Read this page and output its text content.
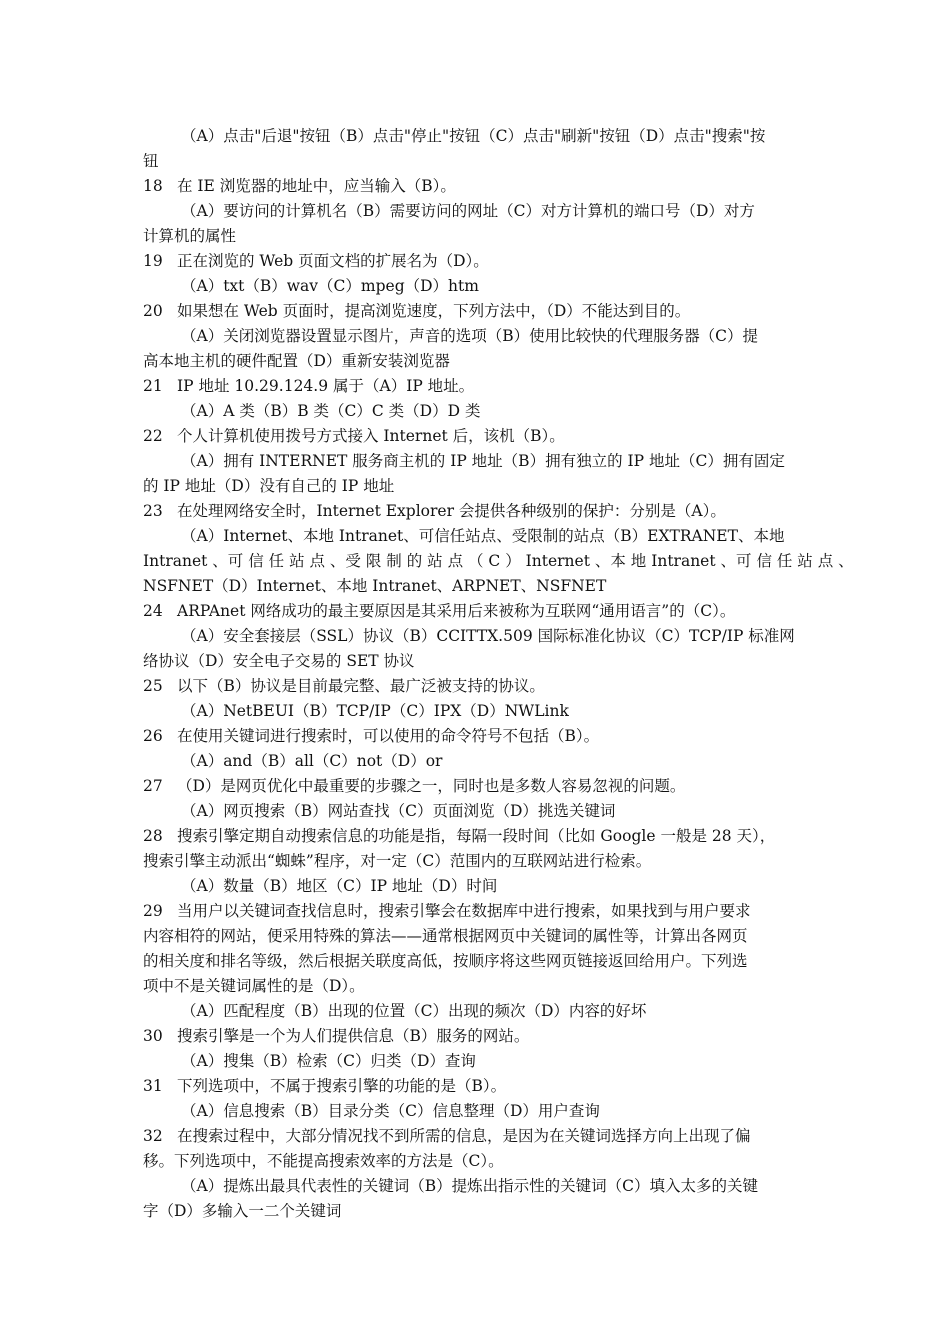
（A）点击"后退"按钮（B）点击"停止"按钮（C）点击"刷新"按钮（D）点击"搜索"按
钮
18 在 IE 浏览器的地址中，应当输入（B）。
（A）要访问的计算机名（B）需要访问的网址（C）对方计算机的端口号（D）对方
计算机的属性
19 正在浏览的 Web 页面文档的扩展名为（D）。
（A）txt（B）wav（C）mpeg（D）htm
20 如果想在 Web 页面时，提高浏览速度，下列方法中，（D）不能达到目的。
（A）关闭浏览器设置显示图片，声音的选项（B）使用比较快的代理服务器（C）提
高本地主机的硬件配置（D）重新安装浏览器
21 IP 地址 10.29.124.9 属于（A）IP 地址。
（A）A 类（B）B 类（C）C 类（D）D 类
22 个人计算机使用拨号方式接入 Internet 后，该机（B）。
（A）拥有 INTERNET 服务商主机的 IP 地址（B）拥有独立的 IP 地址（C）拥有固定
的 IP 地址（D）没有自己的 IP 地址
23 在处理网络安全时，Internet Explorer 会提供各种级别的保护：分别是（A）。
（A）Internet、本地 Intranet、可信任站点、受限制的站点（B）EXTRANET、本地
Intranet 、可 信 任 站 点 、受 限 制 的 站 点 （ C ） Internet 、本 地 Intranet 、可 信 任 站 点 、
NSFNET（D）Internet、本地 Intranet、ARPNET、NSFNET
24 ARPAnet 网络成功的最主要原因是其采用后来被称为互联网“通用语言”的（C）。
（A）安全套接层（SSL）协议（B）CCITTX.509 国际标准化协议（C）TCP/IP 标准网
络协议（D）安全电子交易的 SET 协议
25 以下（B）协议是目前最完整、最广泛被支持的协议。
（A）NetBEUI（B）TCP/IP（C）IPX（D）NWLink
26 在使用关键词进行搜索时，可以使用的命令符号不包括（B）。
（A）and（B）all（C）not（D）or
27 （D）是网页优化中最重要的步骤之一，同时也是多数人容易忽视的问题。
（A）网页搜索（B）网站查找（C）页面浏览（D）挑选关键词
28 搜索引擎定期自动搜索信息的功能是指，每隔一段时间（比如 Google 一般是 28 天），
搜索引擎主动派出“蜘蛛”程序，对一定（C）范围内的互联网站进行检索。
（A）数量（B）地区（C）IP 地址（D）时间
29 当用户以关键词查找信息时，搜索引擎会在数据库中进行搜索，如果找到与用户要求
内容相符的网站，便采用特殊的算法——通常根据网页中关键词的属性等，计算出各网页
的相关度和排名等级，然后根据关联度高低，按顺序将这些网页链接返回给用户。下列选
项中不是关键词属性的是（D）。
（A）匹配程度（B）出现的位置（C）出现的频次（D）内容的好坏
30 搜索引擎是一个为人们提供信息（B）服务的网站。
（A）搜集（B）检索（C）归类（D）查询
31 下列选项中，不属于搜索引擎的功能的是（B）。
（A）信息搜索（B）目录分类（C）信息整理（D）用户查询
32 在搜索过程中，大部分情况找不到所需的信息，是因为在关键词选择方向上出现了偏
移。下列选项中，不能提高搜索效率的方法是（C）。
（A）提炼出最具代表性的关键词（B）提炼出指示性的关键词（C）填入太多的关键
字（D）多输入一二个关键词
